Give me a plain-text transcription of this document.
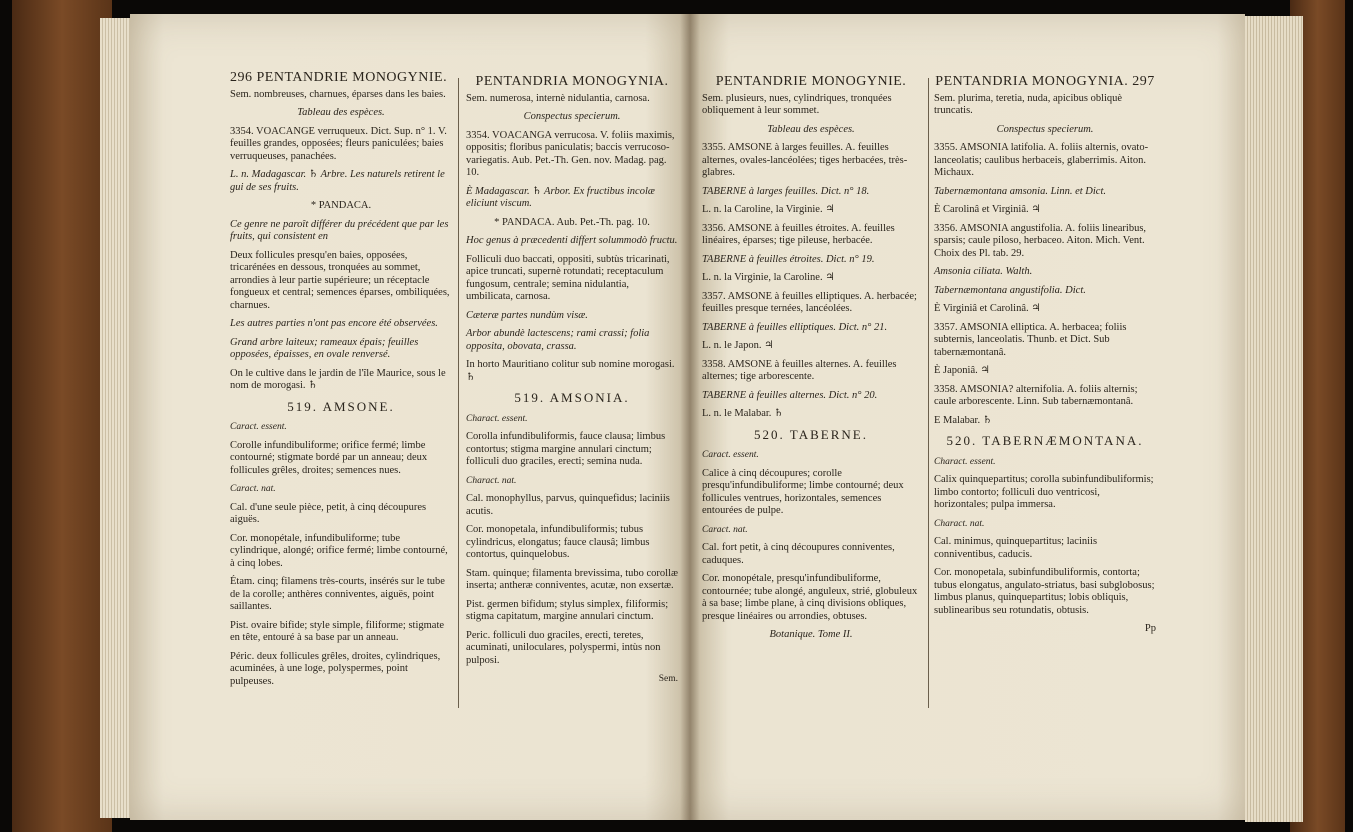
296 PENTANDRIE MONOGYNIE.

Sem. nombreuses, charnues, éparses dans les baies.

Tableau des espèces.

3354. VOACANGE verruqueux. Dict. Sup. n° 1. V. feuilles grandes, opposées; fleurs paniculées; baies verruqueuses, panachées.

L. n. Madagascar. ♄ Arbre. Les naturels retirent le gui de ses fruits.

* PANDACA.

Ce genre ne paroît différer du précédent que par les fruits, qui consistent en

Deux follicules presqu'en baies, opposées, tricarénées en dessous, tronquées au sommet, arrondies à leur partie supérieure; un réceptacle fongueux et central; semences éparses, ombiliquées, charnues.

Les autres parties n'ont pas encore été observées.

Grand arbre laiteux; rameaux épais; feuilles opposées, épaisses, en ovale renversé.

On le cultive dans le jardin de l'île Maurice, sous le nom de morogasi. ♄

519. AMSONE.

Caract. essent.

Corolle infundibuliforme; orifice fermé; limbe contourné; stigmate bordé par un anneau; deux follicules grêles, droites; semences nues.

Caract. nat.

Cal. d'une seule pièce, petit, à cinq découpures aiguës.

Cor. monopétale, infundibuliforme; tube cylindrique, alongé; orifice fermé; limbe contourné, à cinq lobes.

Étam. cinq; filamens très-courts, insérés sur le tube de la corolle; anthères conniventes, aiguës, point saillantes.

Pist. ovaire bifide; style simple, filiforme; stigmate en tête, entouré à sa base par un anneau.

Péric. deux follicules grêles, droites, cylindriques, acuminées, à une loge, polyspermes, point pulpeuses.

PENTANDRIA MONOGYNIA.

Sem. numerosa, internè nidulantia, carnosa.

Conspectus specierum.

3354. VOACANGA verrucosa. V. foliis maximis, oppositis; floribus paniculatis; baccis verrucoso-variegatis. Aub. Pet.-Th. Gen. nov. Madag. pag. 10.

È Madagascar. ♄ Arbor. Ex fructibus incolæ eliciunt viscum.

* PANDACA. Aub. Pet.-Th. pag. 10.

Hoc genus à præcedenti differt solummodò fructu.

Folliculi duo baccati, oppositi, subtùs tricarinati, apice truncati, supernè rotundati; receptaculum fungosum, centrale; semina nidulantia, umbilicata, carnosa.

Cæteræ partes nundùm visæ.

Arbor abundè lactescens; rami crassi; folia opposita, obovata, crassa.

In horto Mauritiano colitur sub nomine morogasi. ♄

519. AMSONIA.

Charact. essent.

Corolla infundibuliformis, fauce clausa; limbus contortus; stigma margine annulari cinctum; folliculi duo graciles, erecti; semina nuda.

Charact. nat.

Cal. monophyllus, parvus, quinquefidus; laciniis acutis.

Cor. monopetala, infundibuliformis; tubus cylindricus, elongatus; fauce clausâ; limbus contortus, quinquelobus.

Stam. quinque; filamenta brevissima, tubo corollæ inserta; antheræ conniventes, acutæ, non exsertæ.

Pist. germen bifidum; stylus simplex, filiformis; stigma capitatum, margine annulari cinctum.

Peric. folliculi duo graciles, erecti, teretes, acuminati, uniloculares, polyspermi, intùs non pulposi.

Sem.

PENTANDRIE MONOGYNIE.

Sem. plusieurs, nues, cylindriques, tronquées obliquement à leur sommet.

Tableau des espèces.

3355. AMSONE à larges feuilles. A. feuilles alternes, ovales-lancéolées; tiges herbacées, très-glabres.

TABERNE à larges feuilles. Dict. n° 18.

L. n. la Caroline, la Virginie. ♃

3356. AMSONE à feuilles étroites. A. feuilles linéaires, éparses; tige pileuse, herbacée.

TABERNE à feuilles étroites. Dict. n° 19.

L. n. la Virginie, la Caroline. ♃

3357. AMSONE à feuilles elliptiques. A. herbacée; feuilles presque ternées, lancéolées.

TABERNE à feuilles elliptiques. Dict. n° 21.

L. n. le Japon. ♃

3358. AMSONE à feuilles alternes. A. feuilles alternes; tige arborescente.

TABERNE à feuilles alternes. Dict. n° 20.

L. n. le Malabar. ♄

520. TABERNE.

Caract. essent.

Calice à cinq découpures; corolle presqu'infundibuliforme; limbe contourné; deux follicules ventrues, horizontales, semences entourées de pulpe.

Caract. nat.

Cal. fort petit, à cinq découpures conniventes, caduques.

Cor. monopétale, presqu'infundibuliforme, contournée; tube alongé, anguleux, strié, globuleux à sa base; limbe plane, à cinq divisions obliques, presque linéaires ou arrondies, obtuses.

Botanique. Tome II.

PENTANDRIA MONOGYNIA. 297

Sem. plurima, teretia, nuda, apicibus obliquè truncatis.

Conspectus specierum.

3355. AMSONIA latifolia. A. foliis alternis, ovato-lanceolatis; caulibus herbaceis, glaberrimis. Aiton. Michaux.

Tabernæmontana amsonia. Linn. et Dict.

È Carolinâ et Virginiâ. ♃

3356. AMSONIA angustifolia. A. foliis linearibus, sparsis; caule piloso, herbaceo. Aiton. Mich. Vent. Choix des Pl. tab. 29.

Amsonia ciliata. Walth.

Tabernæmontana angustifolia. Dict.

È Virginiâ et Carolinâ. ♃

3357. AMSONIA elliptica. A. herbacea; foliis subternis, lanceolatis. Thunb. et Dict. Sub tabernæmontanâ.

È Japoniâ. ♃

3358. AMSONIA? alternifolia. A. foliis alternis; caule arborescente. Linn. Sub tabernæmontanâ.

E Malabar. ♄

520. TABERNÆMONTANA.

Charact. essent.

Calix quinquepartitus; corolla subinfundibuliformis; limbo contorto; folliculi duo ventricosi, horizontales; pulpa immersa.

Charact. nat.

Cal. minimus, quinquepartitus; laciniis conniventibus, caducis.

Cor. monopetala, subinfundibuliformis, contorta; tubus elongatus, angulato-striatus, basi subglobosus; limbus planus, quinquepartitus; lobis obliquis, sublinearibus seu rotundatis, obtusis.

Pp
